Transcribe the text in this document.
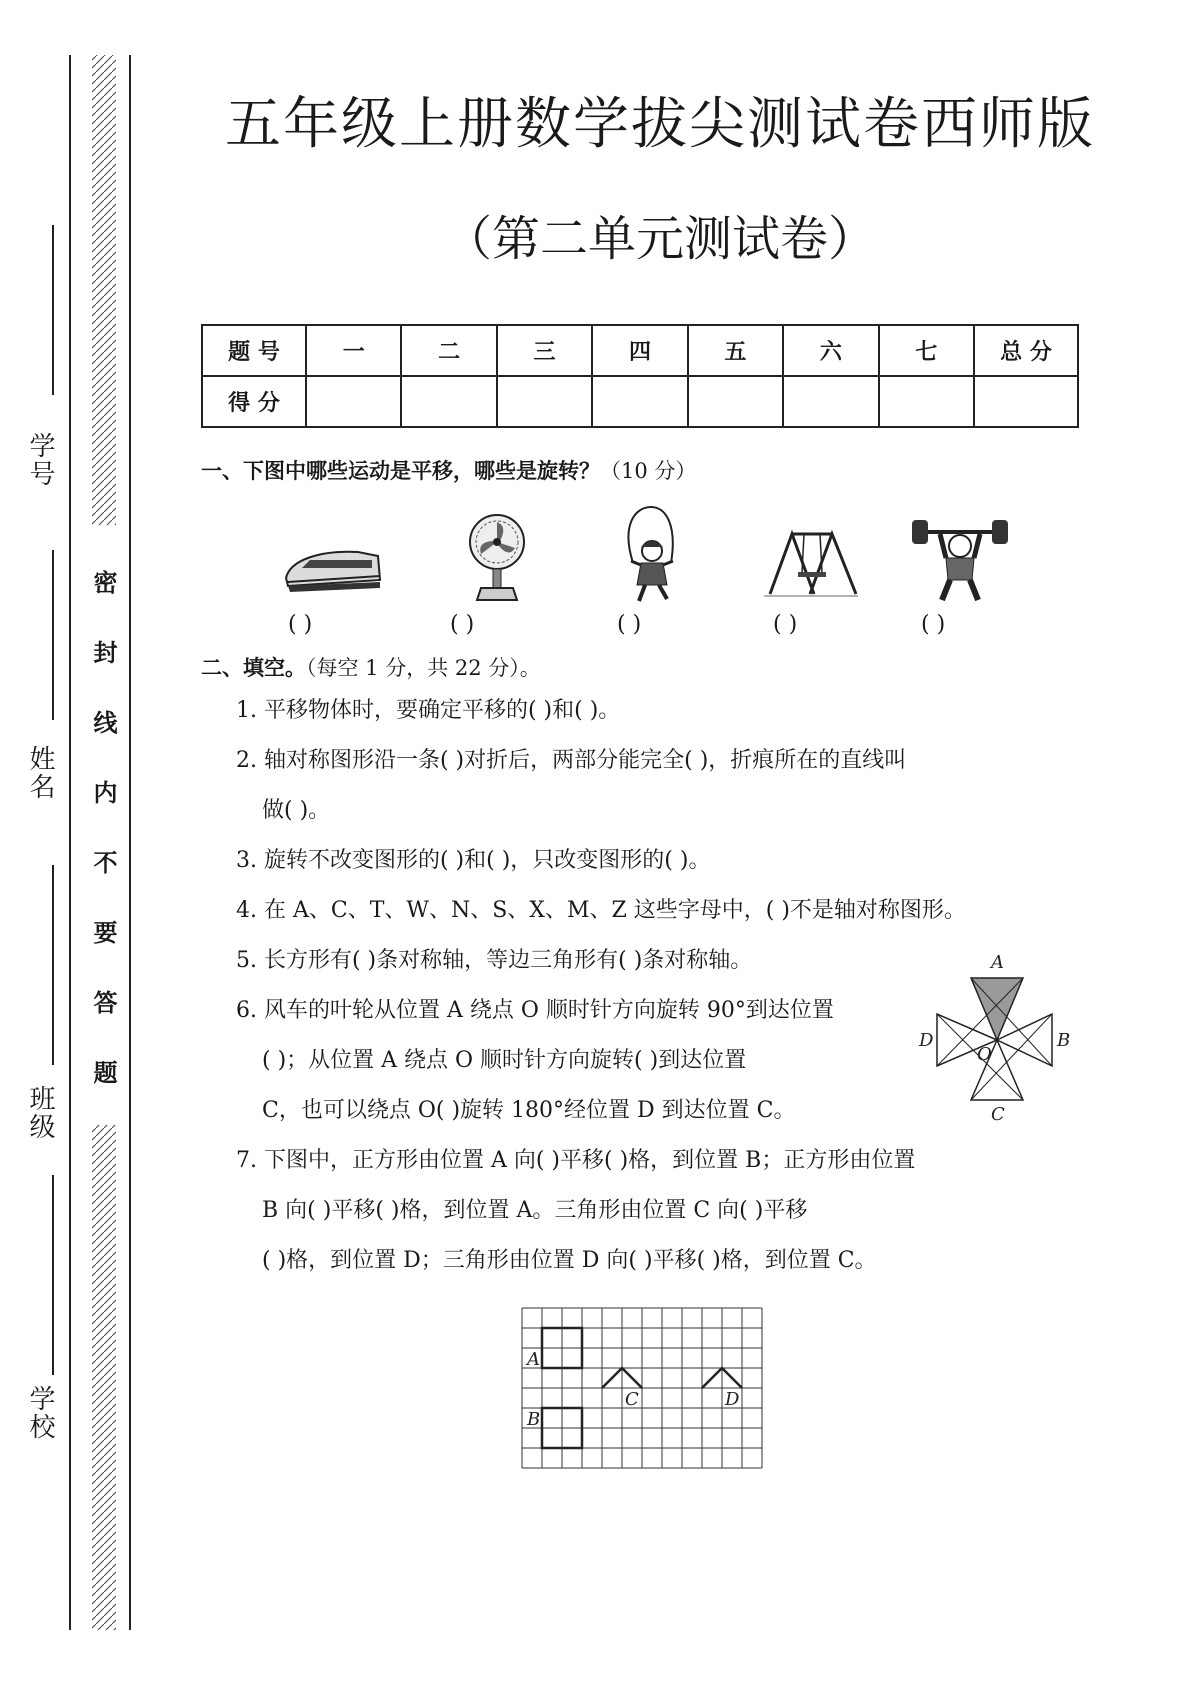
学号
姓名
班级
学校
密
封
线
内
不
要
答
题
五年级上册数学拔尖测试卷西师版
（第二单元测试卷）
题 号	一	二	三	四	五	六	七	总 分
得 分								
一、下图中哪些运动是平移，哪些是旋转？（10 分）
( )	( )	( )	( )	( )
二、填空。（每空 1 分，共 22 分）。
1. 平移物体时，要确定平移的( )和( )。
2. 轴对称图形沿一条( )对折后，两部分能完全( )，折痕所在的直线叫
做( )。
3. 旋转不改变图形的( )和( )，只改变图形的( )。
4. 在 A、C、T、W、N、S、X、M、Z 这些字母中，( )不是轴对称图形。
5. 长方形有( )条对称轴，等边三角形有( )条对称轴。
6. 风车的叶轮从位置 A 绕点 O 顺时针方向旋转 90°到达位置
( )；从位置 A 绕点 O 顺时针方向旋转( )到达位置
C，也可以绕点 O( )旋转 180°经位置 D 到达位置 C。
7. 下图中，正方形由位置 A 向( )平移( )格，到位置 B；正方形由位置
B 向( )平移( )格，到位置 A。三角形由位置 C 向( )平移
( )格，到位置 D；三角形由位置 D 向( )平移( )格，到位置 C。
A
B
C
D
O
A
B
C	D
